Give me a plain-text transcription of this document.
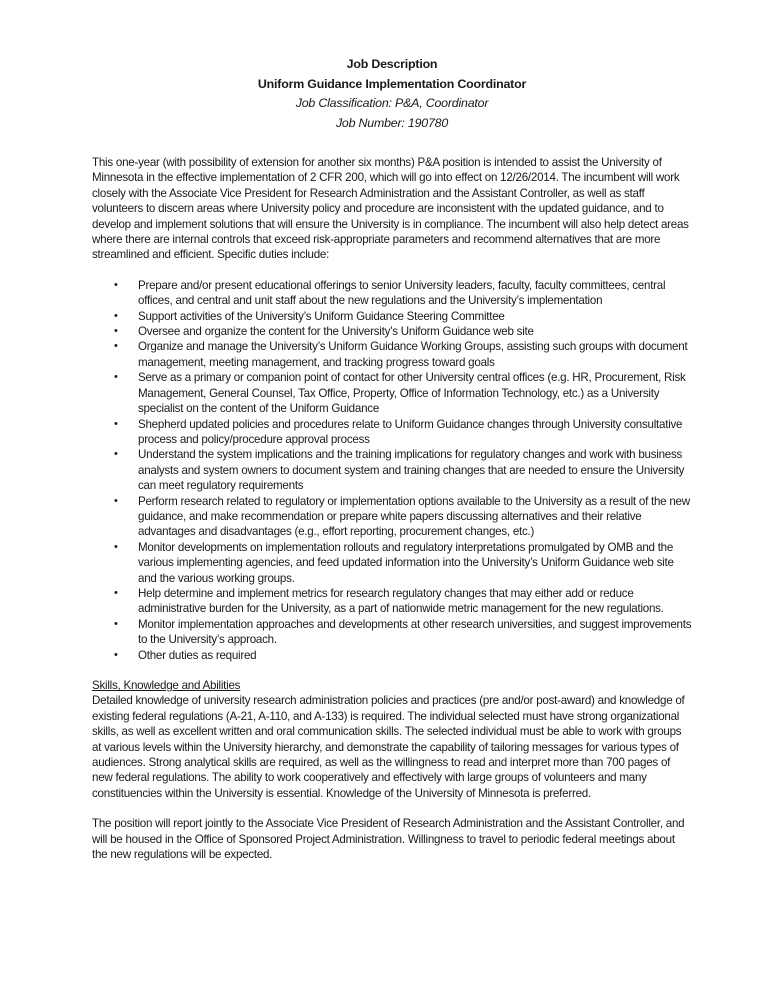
Job Description
Uniform Guidance Implementation Coordinator
Job Classification: P&A, Coordinator
Job Number: 190780

This one-year (with possibility of extension for another six months) P&A position is intended to assist the University of Minnesota in the effective implementation of 2 CFR 200, which will go into effect on 12/26/2014. The incumbent will work closely with the Associate Vice President for Research Administration and the Assistant Controller, as well as staff volunteers to discern areas where University policy and procedure are inconsistent with the updated guidance, and to develop and implement solutions that will ensure the University is in compliance. The incumbent will also help detect areas where there are internal controls that exceed risk-appropriate parameters and recommend alternatives that are more streamlined and efficient. Specific duties include:

• Prepare and/or present educational offerings to senior University leaders, faculty, faculty committees, central offices, and central and unit staff about the new regulations and the University’s implementation
• Support activities of the University’s Uniform Guidance Steering Committee
• Oversee and organize the content for the University’s Uniform Guidance web site
• Organize and manage the University’s Uniform Guidance Working Groups, assisting such groups with document management, meeting management, and tracking progress toward goals
• Serve as a primary or companion point of contact for other University central offices (e.g. HR, Procurement, Risk Management, General Counsel, Tax Office, Property, Office of Information Technology, etc.) as a University specialist on the content of the Uniform Guidance
• Shepherd updated policies and procedures relate to Uniform Guidance changes through University consultative process and policy/procedure approval process
• Understand the system implications and the training implications for regulatory changes and work with business analysts and system owners to document system and training changes that are needed to ensure the University can meet regulatory requirements
• Perform research related to regulatory or implementation options available to the University as a result of the new guidance, and make recommendation or prepare white papers discussing alternatives and their relative advantages and disadvantages (e.g., effort reporting, procurement changes, etc.)
• Monitor developments on implementation rollouts and regulatory interpretations promulgated by OMB and the various implementing agencies, and feed updated information into the University’s Uniform Guidance web site and the various working groups.
• Help determine and implement metrics for research regulatory changes that may either add or reduce administrative burden for the University, as a part of nationwide metric management for the new regulations.
• Monitor implementation approaches and developments at other research universities, and suggest improvements to the University’s approach.
• Other duties as required
Skills, Knowledge and Abilities

Detailed knowledge of university research administration policies and practices (pre and/or post-award) and knowledge of existing federal regulations (A-21, A-110, and A-133) is required. The individual selected must have strong organizational skills, as well as excellent written and oral communication skills. The selected individual must be able to work with groups at various levels within the University hierarchy, and demonstrate the capability of tailoring messages for various types of audiences. Strong analytical skills are required, as well as the willingness to read and interpret more than 700 pages of new federal regulations. The ability to work cooperatively and effectively with large groups of volunteers and many constituencies within the University is essential. Knowledge of the University of Minnesota is preferred.

The position will report jointly to the Associate Vice President of Research Administration and the Assistant Controller, and will be housed in the Office of Sponsored Project Administration. Willingness to travel to periodic federal meetings about the new regulations will be expected.
